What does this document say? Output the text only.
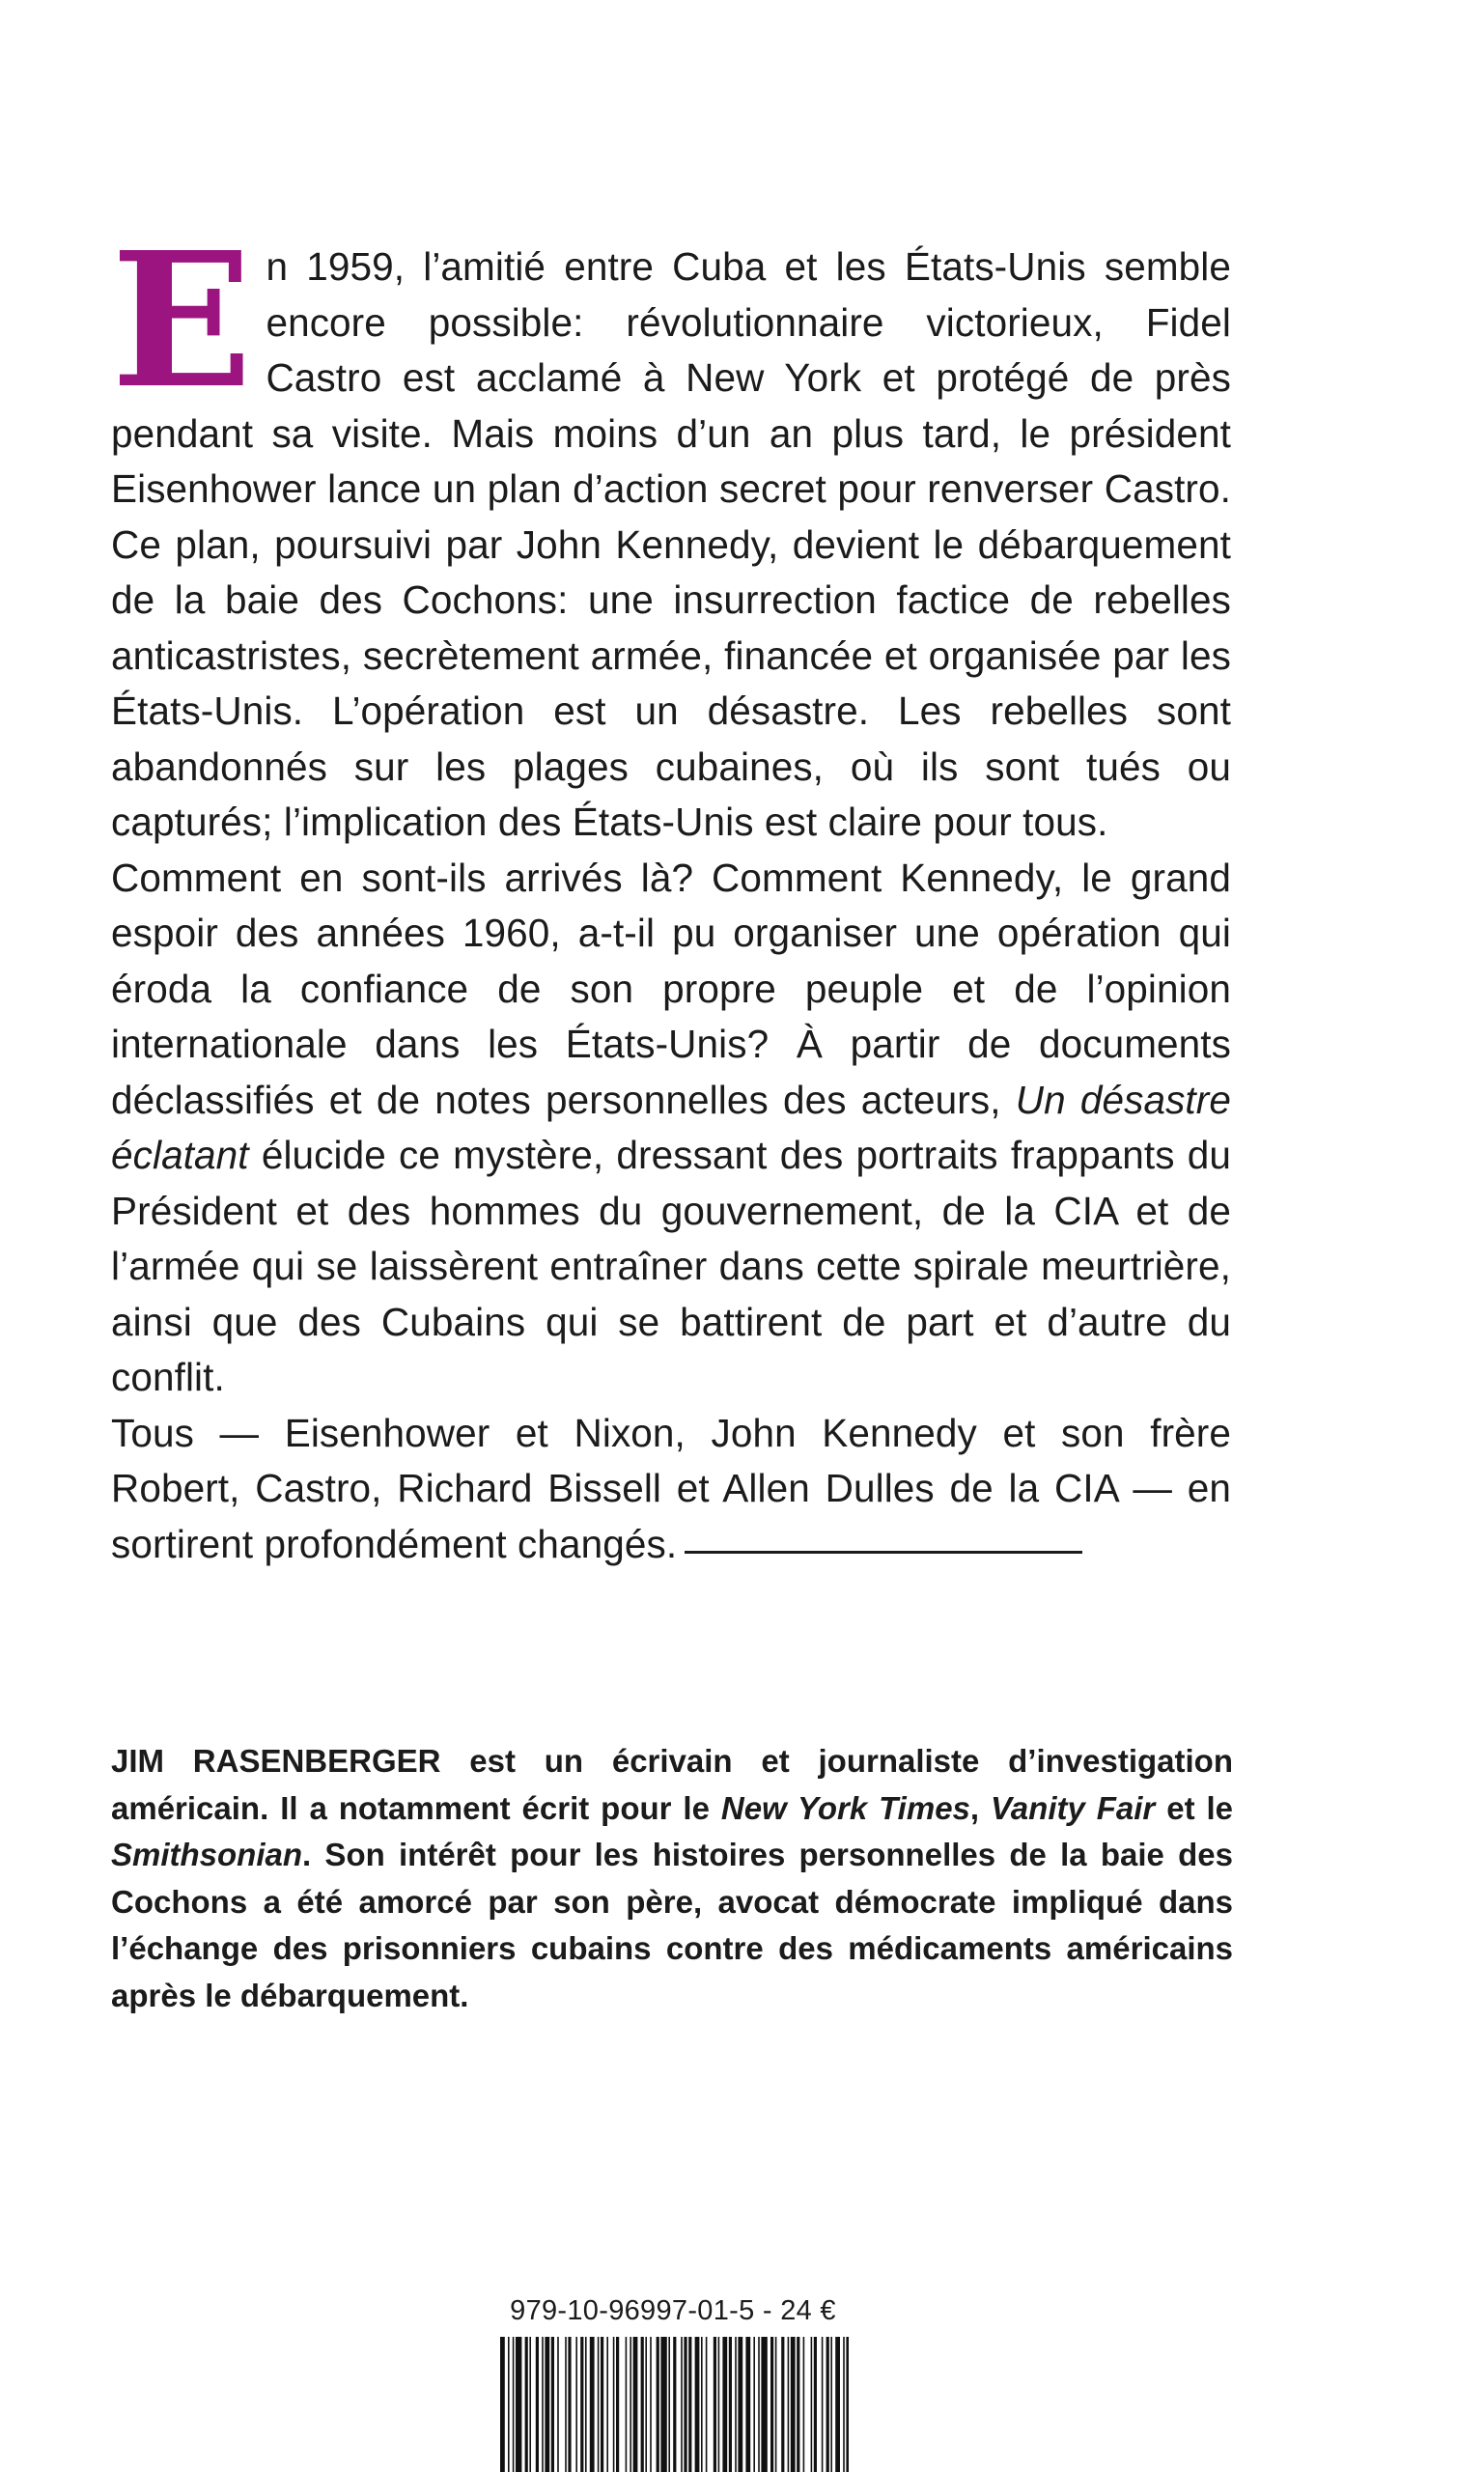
En 1959, l’amitié entre Cuba et les États-Unis semble encore possible: révolutionnaire victorieux, Fidel Castro est acclamé à New York et protégé de près pendant sa visite. Mais moins d’un an plus tard, le président Eisenhower lance un plan d’action secret pour renverser Castro. Ce plan, poursuivi par John Kennedy, devient le débarquement de la baie des Cochons: une insurrection factice de rebelles anticastristes, secrètement armée, financée et organisée par les États-Unis. L’opération est un désastre. Les rebelles sont abandonnés sur les plages cubaines, où ils sont tués ou capturés; l’implication des États-Unis est claire pour tous.

Comment en sont-ils arrivés là? Comment Kennedy, le grand espoir des années 1960, a-t-il pu organiser une opération qui éroda la confiance de son propre peuple et de l’opinion internationale dans les États-Unis? À partir de documents déclassifiés et de notes personnelles des acteurs, Un désastre éclatant élucide ce mystère, dressant des portraits frappants du Président et des hommes du gouvernement, de la CIA et de l’armée qui se laissèrent entraîner dans cette spirale meurtrière, ainsi que des Cubains qui se battirent de part et d’autre du conflit.

Tous — Eisenhower et Nixon, John Kennedy et son frère Robert, Castro, Richard Bissell et Allen Dulles de la CIA — en sortirent profondément changés.

JIM RASENBERGER est un écrivain et journaliste d’investigation américain. Il a notamment écrit pour le New York Times, Vanity Fair et le Smithsonian. Son intérêt pour les histoires personnelles de la baie des Cochons a été amorcé par son père, avocat démocrate impliqué dans l’échange des prisonniers cubains contre des médicaments américains après le débarquement.

979-10-96997-01-5 - 24 €
